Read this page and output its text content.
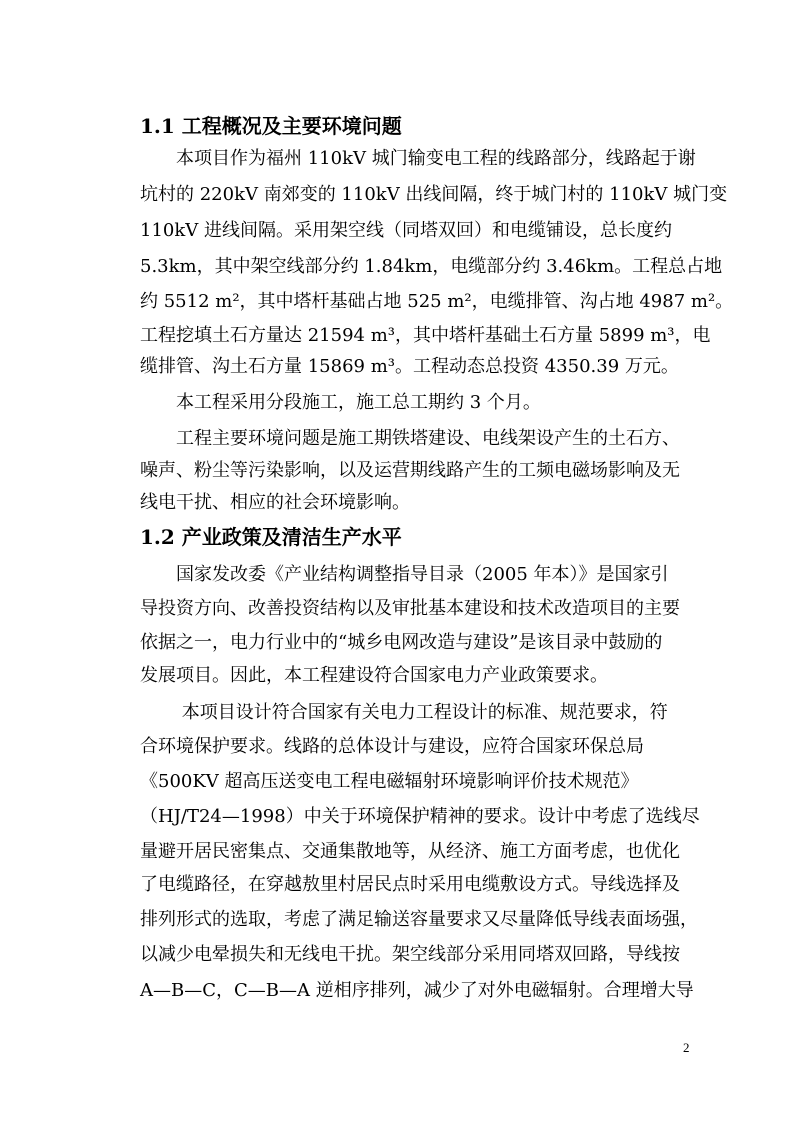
1.1 工程概况及主要环境问题
　　本项目作为福州 110kV 城门输变电工程的线路部分，线路起于谢
坑村的 220kV 南郊变的 110kV 出线间隔，终于城门村的 110kV 城门变
110kV 进线间隔。采用架空线（同塔双回）和电缆铺设，总长度约
5.3km，其中架空线部分约 1.84km，电缆部分约 3.46km。工程总占地
约 5512 m²，其中塔杆基础占地 525 m²，电缆排管、沟占地 4987 m²。
工程挖填土石方量达 21594 m³，其中塔杆基础土石方量 5899 m³，电
缆排管、沟土石方量 15869 m³。工程动态总投资 4350.39 万元。
　　本工程采用分段施工，施工总工期约 3 个月。
　　工程主要环境问题是施工期铁塔建设、电线架设产生的土石方、
噪声、粉尘等污染影响，以及运营期线路产生的工频电磁场影响及无
线电干扰、相应的社会环境影响。
1.2 产业政策及清洁生产水平
　　国家发改委《产业结构调整指导目录（2005 年本）》是国家引
导投资方向、改善投资结构以及审批基本建设和技术改造项目的主要
依据之一，电力行业中的“城乡电网改造与建设”是该目录中鼓励的
发展项目。因此，本工程建设符合国家电力产业政策要求。
　　 本项目设计符合国家有关电力工程设计的标准、规范要求，符
合环境保护要求。线路的总体设计与建设，应符合国家环保总局
《500KV 超高压送变电工程电磁辐射环境影响评价技术规范》
（HJ/T24—1998）中关于环境保护精神的要求。设计中考虑了选线尽
量避开居民密集点、交通集散地等，从经济、施工方面考虑，也优化
了电缆路径，在穿越敖里村居民点时采用电缆敷设方式。导线选择及
排列形式的选取，考虑了满足输送容量要求又尽量降低导线表面场强，
以减少电晕损失和无线电干扰。架空线部分采用同塔双回路，导线按
A—B—C，C—B—A 逆相序排列，减少了对外电磁辐射。合理增大导
2
